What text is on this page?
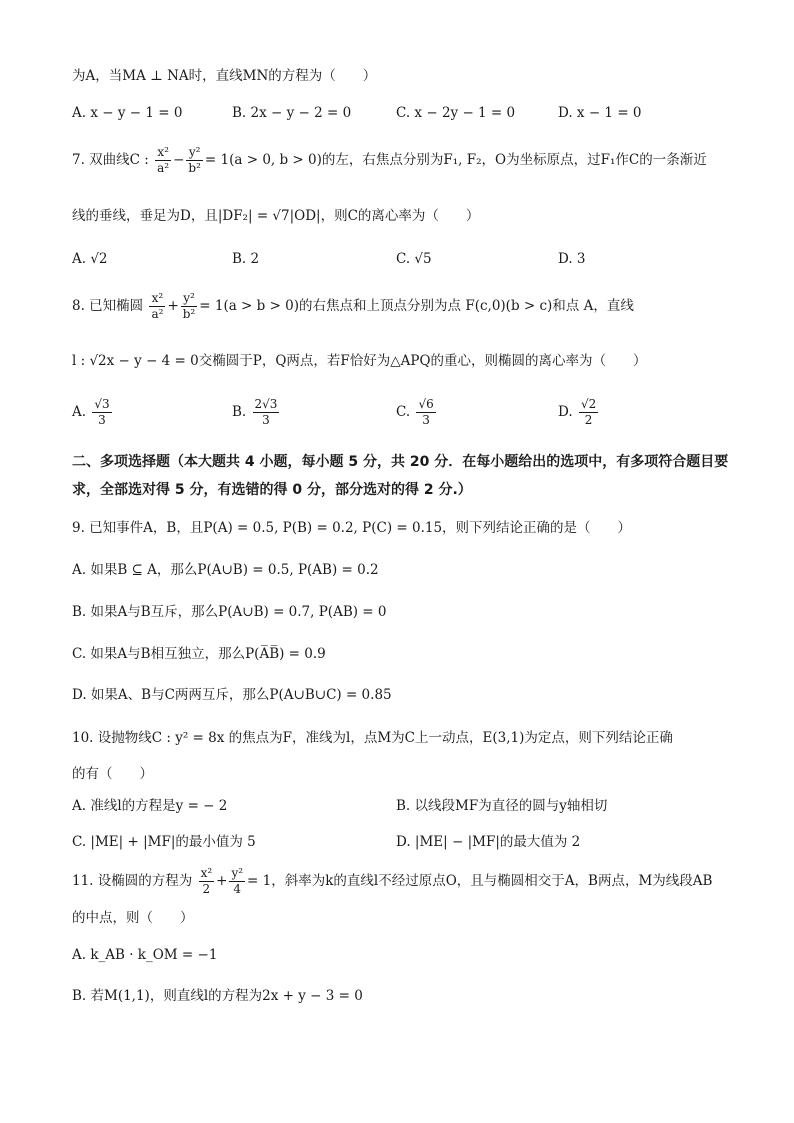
为A，当MA ⊥ NA时，直线MN的方程为（　　）
A. x − y − 1 = 0	B. 2x − y − 2 = 0	C. x − 2y − 1 = 0	D. x − 1 = 0
7. 双曲线C : $\frac{\text{x²}}{\text{a²}} - \frac{\text{y²}}{\text{b²}} = 1(a > 0$, b > 0)的左，右焦点分别为F₁, F₂，O为坐标原点，过F₁作C的一条渐近
线的垂线，垂足为D，且|DF₂| = √7|OD|，则C的离心率为（　　）
A. √2	B. 2	C. √5	D. 3
8. 已知椭圆 $\frac{\text{x²}}{\text{a²}} + \frac{\text{y²}}{\text{b²}} = 1(a > b > 0)$的右焦点和上顶点分别为点 F(c,0)(b > c)和点 A，直线
l : √2x − y − 4 = 0交椭圆于P，Q两点，若F恰好为△APQ的重心，则椭圆的离心率为（　　）
A. $\frac{√3}{3}$	B. $\frac{2√3}{3}$	C. $\frac{√6}{3}$	D. $\frac{√2}{2}$
二、多项选择题（本大题共 4 小题，每小题 5 分，共 20 分．在每小题给出的选项中，有多项符合题目要求，全部选对得 5 分，有选错的得 0 分，部分选对的得 2 分.）
9. 已知事件A，B，且P(A) = 0.5, P(B) = 0.2, P(C) = 0.15，则下列结论正确的是（　　）
A. 如果B ⊆ A，那么P(A∪B) = 0.5, P(AB) = 0.2
B. 如果A与B互斥，那么P(A∪B) = 0.7, P(AB) = 0
C. 如果A与B相互独立，那么P(A̅B̅) = 0.9
D. 如果A、B与C两两互斥，那么P(A∪B∪C) = 0.85
10. 设抛物线C : y² = 8x 的焦点为F，准线为l，点M为C上一动点，E(3,1)为定点，则下列结论正确
的有（　　）
A. 准线l的方程是y = − 2	B. 以线段MF为直径的圆与y轴相切
C. |ME| + |MF|的最小值为 5	D. |ME| − |MF|的最大值为 2
11. 设椭圆的方程为 $\frac{\text{x²}}{2} + \frac{\text{y²}}{4} = 1$，斜率为k的直线l不经过原点O，且与椭圆相交于A，B两点，M为线段AB
的中点，则（　　）
A. k_AB · k_OM = −1
B. 若M(1,1)，则直线l的方程为2x + y − 3 = 0
